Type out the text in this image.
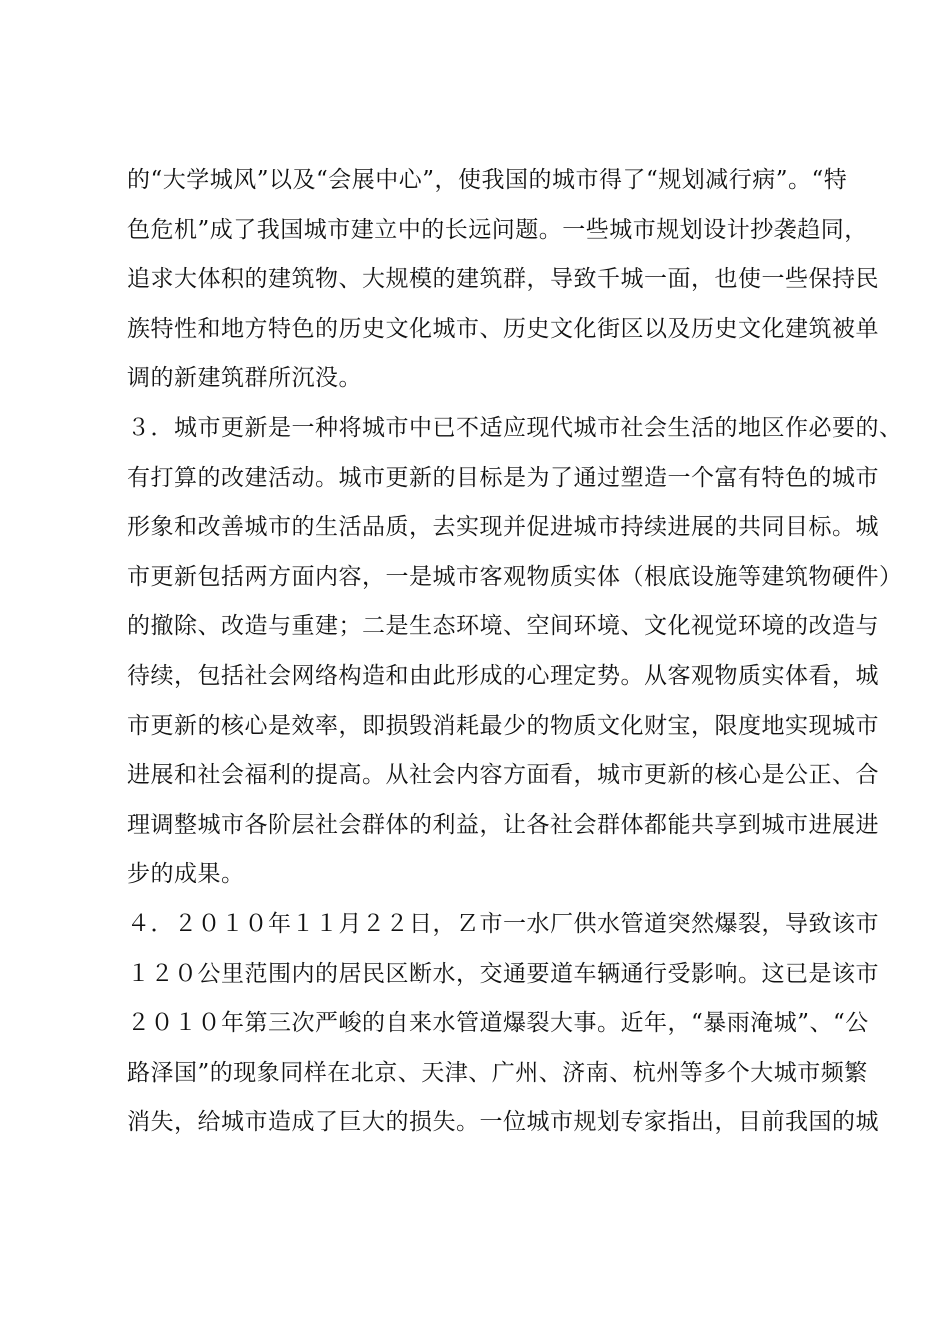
的“大学城风”以及“会展中心”，使我国的城市得了“规划减行病”。“特
色危机”成了我国城市建立中的长远问题。一些城市规划设计抄袭趋同，
追求大体积的建筑物、大规模的建筑群，导致千城一面，也使一些保持民
族特性和地方特色的历史文化城市、历史文化街区以及历史文化建筑被单
调的新建筑群所沉没。
３．城市更新是一种将城市中已不适应现代城市社会生活的地区作必要的、
有打算的改建活动。城市更新的目标是为了通过塑造一个富有特色的城市
形象和改善城市的生活品质，去实现并促进城市持续进展的共同目标。城
市更新包括两方面内容，一是城市客观物质实体（根底设施等建筑物硬件）
的撤除、改造与重建；二是生态环境、空间环境、文化视觉环境的改造与
待续，包括社会网络构造和由此形成的心理定势。从客观物质实体看，城
市更新的核心是效率，即损毁消耗最少的物质文化财宝，限度地实现城市
进展和社会福利的提高。从社会内容方面看，城市更新的核心是公正、合
理调整城市各阶层社会群体的利益，让各社会群体都能共享到城市进展进
步的成果。
４．２０１０年１１月２２日，Ｚ市一水厂供水管道突然爆裂，导致该市
１２０公里范围内的居民区断水，交通要道车辆通行受影响。这已是该市
２０１０年第三次严峻的自来水管道爆裂大事。近年，“暴雨淹城”、“公
路泽国”的现象同样在北京、天津、广州、济南、杭州等多个大城市频繁
消失，给城市造成了巨大的损失。一位城市规划专家指出，目前我国的城
